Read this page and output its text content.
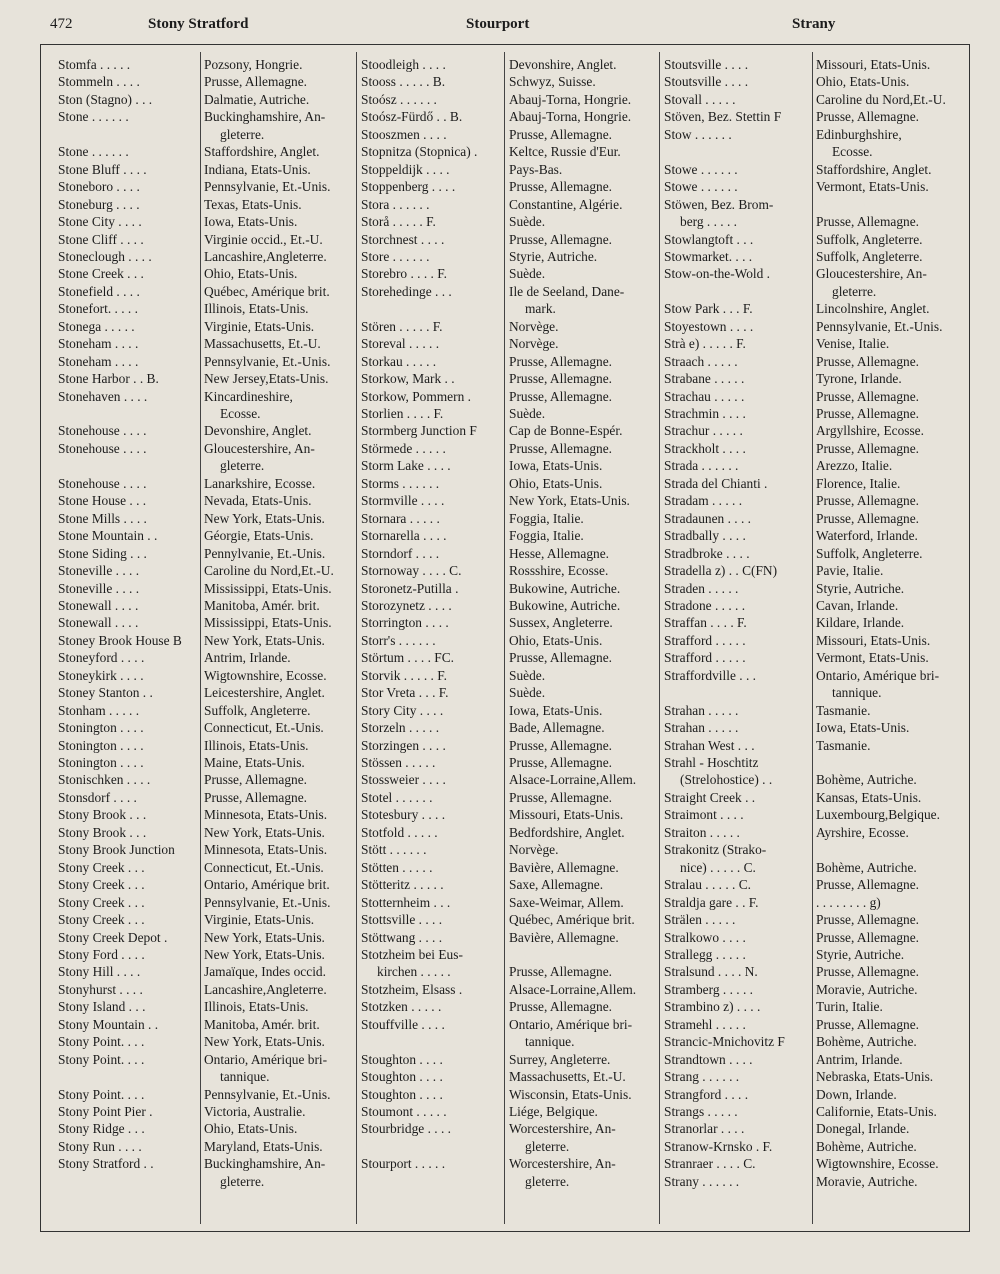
472	Stony Stratford	Stourport	Strany
Stomfa . . . . .	Pozsony, Hongrie.
Stommeln . . . .	Prusse, Allemagne.
Ston (Stagno) . . .	Dalmatie, Autriche.
Stone . . . . . .	Buckinghamshire, An-
gleterre.
Stone . . . . . .	Staffordshire, Anglet.
Stone Bluff . . . .	Indiana, Etats-Unis.
Stoneboro . . . .	Pennsylvanie, Et.-Unis.
Stoneburg . . . .	Texas, Etats-Unis.
Stone City . . . .	Iowa, Etats-Unis.
Stone Cliff . . . .	Virginie occid., Et.-U.
Stoneclough . . . .	Lancashire,Angleterre.
Stone Creek . . .	Ohio, Etats-Unis.
Stonefield . . . .	Québec, Amérique brit.
Stonefort. . . . .	Illinois, Etats-Unis.
Stonega . . . . .	Virginie, Etats-Unis.
Stoneham . . . .	Massachusetts, Et.-U.
Stoneham . . . .	Pennsylvanie, Et.-Unis.
Stone Harbor . . B.	New Jersey,Etats-Unis.
Stonehaven . . . .	Kincardineshire,
Ecosse.
Stonehouse . . . .	Devonshire, Anglet.
Stonehouse . . . .	Gloucestershire, An-
gleterre.
Stonehouse . . . .	Lanarkshire, Ecosse.
Stone House . . .	Nevada, Etats-Unis.
Stone Mills . . . .	New York, Etats-Unis.
Stone Mountain . .	Géorgie, Etats-Unis.
Stone Siding . . .	Pennylvanie, Et.-Unis.
Stoneville . . . .	Caroline du Nord,Et.-U.
Stoneville . . . .	Mississippi, Etats-Unis.
Stonewall . . . .	Manitoba, Amér. brit.
Stonewall . . . .	Mississippi, Etats-Unis.
Stoney Brook House B New York, Etats-Unis.
Stoneyford . . . .	Antrim, Irlande.
Stoneykirk . . . .	Wigtownshire, Ecosse.
Stoney Stanton . .	Leicestershire, Anglet.
Stonham . . . . .	Suffolk, Angleterre.
Stonington . . . .	Connecticut, Et.-Unis.
Stonington . . . .	Illinois, Etats-Unis.
Stonington . . . .	Maine, Etats-Unis.
Stonischken . . . .	Prusse, Allemagne.
Stonsdorf . . . .	Prusse, Allemagne.
Stony Brook . . .	Minnesota, Etats-Unis.
Stony Brook . . .	New York, Etats-Unis.
Stony Brook Junction Minnesota, Etats-Unis.
Stony Creek . . .	Connecticut, Et.-Unis.
Stony Creek . . .	Ontario, Amérique brit.
Stony Creek . . .	Pennsylvanie, Et.-Unis.
Stony Creek . . .	Virginie, Etats-Unis.
Stony Creek Depot .	New York, Etats-Unis.
Stony Ford . . . .	New York, Etats-Unis.
Stony Hill . . . .	Jamaïque, Indes occid.
Stonyhurst . . . .	Lancashire,Angleterre.
Stony Island . . .	Illinois, Etats-Unis.
Stony Mountain . .	Manitoba, Amér. brit.
Stony Point. . . .	New York, Etats-Unis.
Stony Point. . . .	Ontario, Amérique bri-
tannique.
Stony Point. . . .	Pennsylvanie, Et.-Unis.
Stony Point Pier .	Victoria, Australie.
Stony Ridge . . .	Ohio, Etats-Unis.
Stony Run . . . .	Maryland, Etats-Unis.
Stony Stratford . .	Buckinghamshire, An-
gleterre.
Stoodleigh . . . .	Devonshire, Anglet.
Stooss . . . . . B.	Schwyz, Suisse.
Stoósz . . . . . .	Abauj-Torna, Hongrie.
Stoósz-Fürdő . . B.	Abauj-Torna, Hongrie.
Stooszmen . . . .	Prusse, Allemagne.
Stopnitza (Stopnica) . Keltce, Russie d'Eur.
Stoppeldijk . . . .	Pays-Bas.
Stoppenberg . . . .	Prusse, Allemagne.
Stora . . . . . .	Constantine, Algérie.
Storå . . . . . F.	Suède.
Storchnest . . . .	Prusse, Allemagne.
Store . . . . . .	Styrie, Autriche.
Storebro . . . . F.	Suède.
Storehedinge . . .	Ile de Seeland, Dane-
mark.
Stören . . . . . F.	Norvège.
Storeval . . . . .	Norvège.
Storkau . . . . .	Prusse, Allemagne.
Storkow, Mark . .	Prusse, Allemagne.
Storkow, Pommern .	Prusse, Allemagne.
Storlien . . . . F.	Suède.
Stormberg Junction F Cap de Bonne-Espér.
Störmede . . . . .	Prusse, Allemagne.
Storm Lake . . . .	Iowa, Etats-Unis.
Storms . . . . . .	Ohio, Etats-Unis.
Stormville . . . .	New York, Etats-Unis.
Stornara . . . . .	Foggia, Italie.
Stornarella . . . .	Foggia, Italie.
Storndorf . . . .	Hesse, Allemagne.
Stornoway . . . . C.	Rossshire, Ecosse.
Storonetz-Putilla .	Bukowine, Autriche.
Storozynetz . . . .	Bukowine, Autriche.
Storrington . . . .	Sussex, Angleterre.
Storr's . . . . . .	Ohio, Etats-Unis.
Störtum . . . . FC.	Prusse, Allemagne.
Storvik . . . . . F.	Suède.
Stor Vreta . . . F.	Suède.
Story City . . . .	Iowa, Etats-Unis.
Storzeln . . . . .	Bade, Allemagne.
Storzingen . . . .	Prusse, Allemagne.
Stössen . . . . .	Prusse, Allemagne.
Stossweier . . . .	Alsace-Lorraine,Allem.
Stotel . . . . . .	Prusse, Allemagne.
Stotesbury . . . .	Missouri, Etats-Unis.
Stotfold . . . . .	Bedfordshire, Anglet.
Stött . . . . . .	Norvège.
Stötten . . . . .	Bavière, Allemagne.
Stötteritz . . . . .	Saxe, Allemagne.
Stotternheim . . .	Saxe-Weimar, Allem.
Stottsville . . . .	Québec, Amérique brit.
Stöttwang . . . .	Bavière, Allemagne.
Stotzheim bei Eus-
kirchen . . . . .	Prusse, Allemagne.
Stotzheim, Elsass .	Alsace-Lorraine,Allem.
Stotzken . . . . .	Prusse, Allemagne.
Stouffville . . . .	Ontario, Amérique bri-
tannique.
Stoughton . . . .	Surrey, Angleterre.
Stoughton . . . .	Massachusetts, Et.-U.
Stoughton . . . .	Wisconsin, Etats-Unis.
Stoumont . . . . .	Liége, Belgique.
Stourbridge . . . .	Worcestershire, An-
gleterre.
Stourport . . . . .	Worcestershire, An-
gleterre.
Stoutsville . . . .	Missouri, Etats-Unis.
Stoutsville . . . .	Ohio, Etats-Unis.
Stovall . . . . .	Caroline du Nord,Et.-U.
Stöven, Bez. Stettin F	Prusse, Allemagne.
Stow . . . . . .	Edinburghshire,
Ecosse.
Stowe . . . . . .	Staffordshire, Anglet.
Stowe . . . . . .	Vermont, Etats-Unis.
Stöwen, Bez. Brom-
berg . . . . .	Prusse, Allemagne.
Stowlangtoft . . .	Suffolk, Angleterre.
Stowmarket. . . .	Suffolk, Angleterre.
Stow-on-the-Wold .	Gloucestershire, An-
gleterre.
Stow Park . . . F.	Lincolnshire, Anglet.
Stoyestown . . . .	Pennsylvanie, Et.-Unis.
Strà e) . . . . . F.	Venise, Italie.
Straach . . . . .	Prusse, Allemagne.
Strabane . . . . .	Tyrone, Irlande.
Strachau . . . . .	Prusse, Allemagne.
Strachmin . . . .	Prusse, Allemagne.
Strachur . . . . .	Argyllshire, Ecosse.
Strackholt . . . .	Prusse, Allemagne.
Strada . . . . . .	Arezzo, Italie.
Strada del Chianti .	Florence, Italie.
Stradam . . . . .	Prusse, Allemagne.
Stradaunen . . . .	Prusse, Allemagne.
Stradbally . . . .	Waterford, Irlande.
Stradbroke . . . .	Suffolk, Angleterre.
Stradella z) . . C(FN)	Pavie, Italie.
Straden . . . . .	Styrie, Autriche.
Stradone . . . . .	Cavan, Irlande.
Straffan . . . . F.	Kildare, Irlande.
Strafford . . . . .	Missouri, Etats-Unis.
Strafford . . . . .	Vermont, Etats-Unis.
Straffordville . . .	Ontario, Amérique bri-
tannique.
Strahan . . . . .	Tasmanie.
Strahan . . . . .	Iowa, Etats-Unis.
Strahan West . . .	Tasmanie.
Strahl - Hoschtitz
(Strelohostice) . .	Bohème, Autriche.
Straight Creek . .	Kansas, Etats-Unis.
Straimont . . . .	Luxembourg,Belgique.
Straiton . . . . .	Ayrshire, Ecosse.
Strakonitz (Strako-
nice) . . . . . C.	Bohème, Autriche.
Stralau . . . . . C.	Prusse, Allemagne.
Straldja gare . . F.	. . . . . . . . g)
Strälen . . . . .	Prusse, Allemagne.
Stralkowo . . . .	Prusse, Allemagne.
Strallegg . . . . .	Styrie, Autriche.
Stralsund . . . . N.	Prusse, Allemagne.
Stramberg . . . . .	Moravie, Autriche.
Strambino z) . . . .	Turin, Italie.
Stramehl . . . . .	Prusse, Allemagne.
Strancic-Mnichovitz F Bohème, Autriche.
Strandtown . . . .	Antrim, Irlande.
Strang . . . . . .	Nebraska, Etats-Unis.
Strangford . . . .	Down, Irlande.
Strangs . . . . .	Californie, Etats-Unis.
Stranorlar . . . .	Donegal, Irlande.
Stranow-Krnsko . F.	Bohème, Autriche.
Stranraer . . . . C.	Wigtownshire, Ecosse.
Strany . . . . . .	Moravie, Autriche.
